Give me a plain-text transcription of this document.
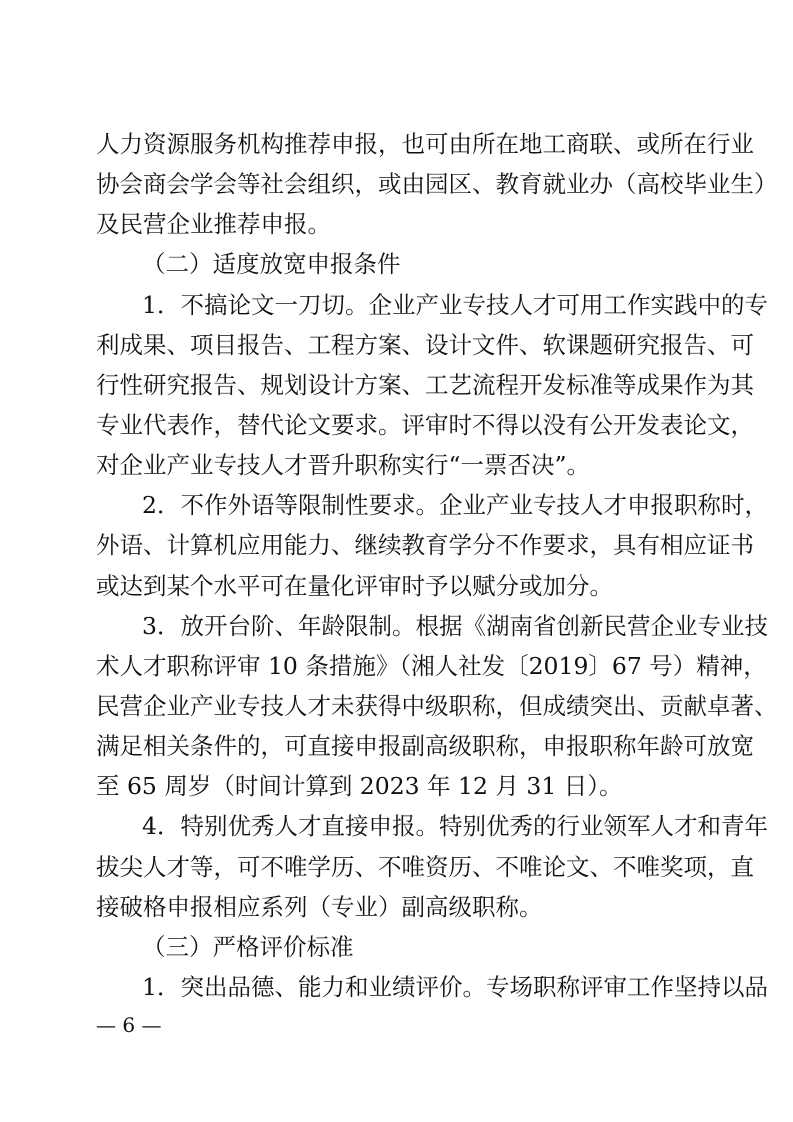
人力资源服务机构推荐申报，也可由所在地工商联、或所在行业
协会商会学会等社会组织，或由园区、教育就业办（高校毕业生）
及民营企业推荐申报。
（二）适度放宽申报条件
1．不搞论文一刀切。企业产业专技人才可用工作实践中的专
利成果、项目报告、工程方案、设计文件、软课题研究报告、可
行性研究报告、规划设计方案、工艺流程开发标准等成果作为其
专业代表作，替代论文要求。评审时不得以没有公开发表论文，
对企业产业专技人才晋升职称实行“一票否决”。
2．不作外语等限制性要求。企业产业专技人才申报职称时，
外语、计算机应用能力、继续教育学分不作要求，具有相应证书
或达到某个水平可在量化评审时予以赋分或加分。
3．放开台阶、年龄限制。根据《湖南省创新民营企业专业技
术人才职称评审 10 条措施》（湘人社发〔2019〕67 号）精神，
民营企业产业专技人才未获得中级职称，但成绩突出、贡献卓著、
满足相关条件的，可直接申报副高级职称，申报职称年龄可放宽
至 65 周岁（时间计算到 2023 年 12 月 31 日）。
4．特别优秀人才直接申报。特别优秀的行业领军人才和青年
拔尖人才等，可不唯学历、不唯资历、不唯论文、不唯奖项，直
接破格申报相应系列（专业）副高级职称。
（三）严格评价标准
1．突出品德、能力和业绩评价。专场职称评审工作坚持以品
— 6 —
